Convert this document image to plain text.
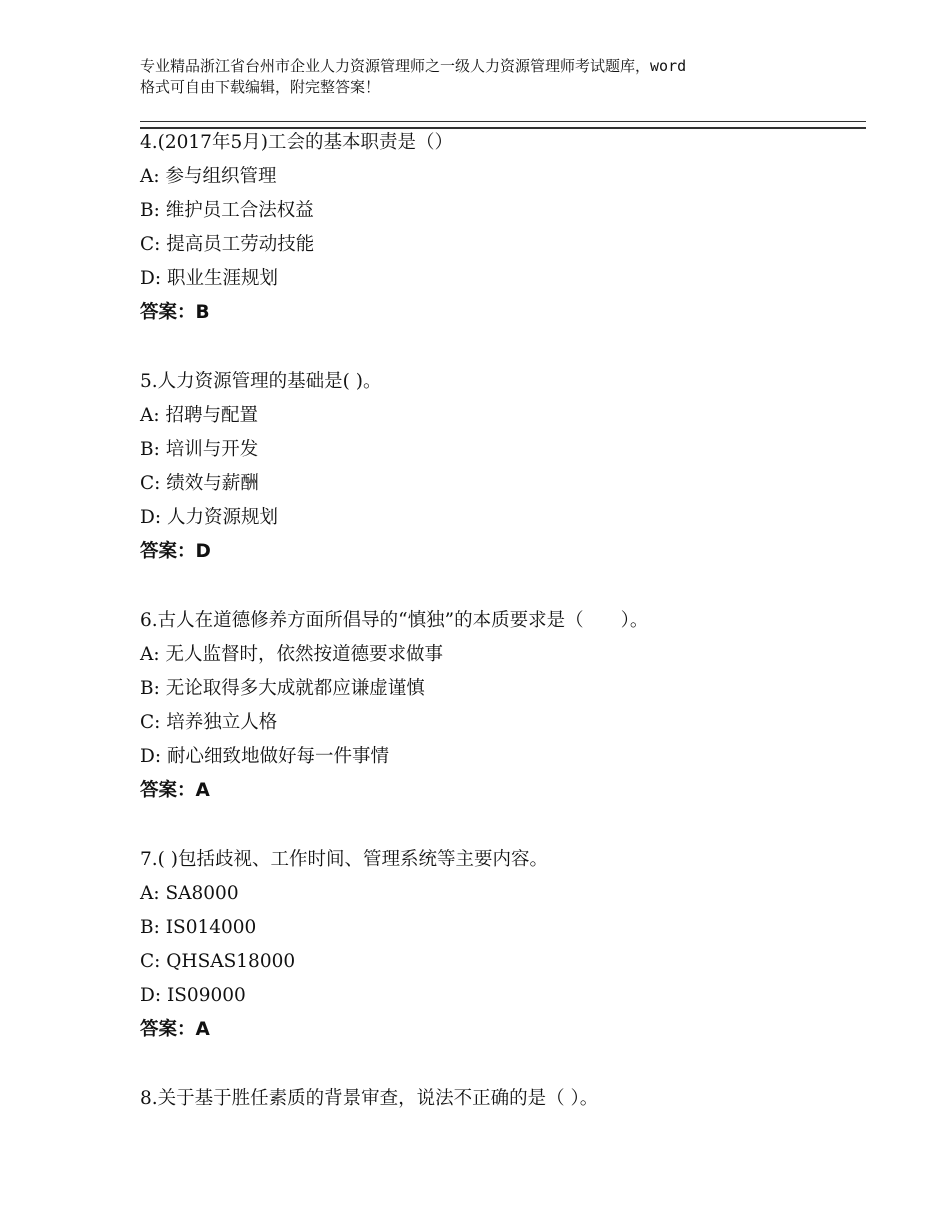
专业精品浙江省台州市企业人力资源管理师之一级人力资源管理师考试题库，word
格式可自由下载编辑，附完整答案！
4.(2017年5月)工会的基本职责是（）
A: 参与组织管理
B: 维护员工合法权益
C: 提高员工劳动技能
D: 职业生涯规划
答案：B
5.人力资源管理的基础是( )。
A: 招聘与配置
B: 培训与开发
C: 绩效与薪酬
D: 人力资源规划
答案：D
6.古人在道德修养方面所倡导的“慎独”的本质要求是（　　）。
A: 无人监督时，依然按道德要求做事
B: 无论取得多大成就都应谦虚谨慎
C: 培养独立人格
D: 耐心细致地做好每一件事情
答案：A
7.( )包括歧视、工作时间、管理系统等主要内容。
A: SA8000
B: IS014000
C: QHSAS18000
D: IS09000
答案：A
8.关于基于胜任素质的背景审查，说法不正确的是（ ）。
